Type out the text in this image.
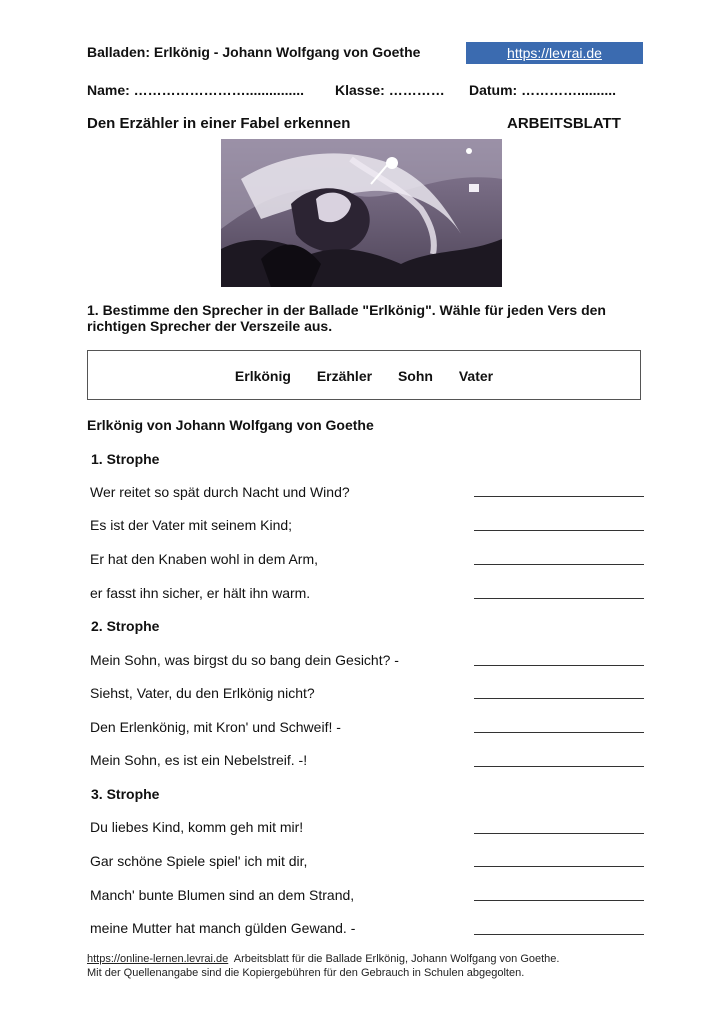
Balladen: Erlkönig - Johann Wolfgang von Goethe	https://levrai.de
Name: ……………………............... Klasse: ………… Datum: …………..........
Den Erzähler in einer Fabel erkennen	ARBEITSBLATT
1. Bestimme den Sprecher in der Ballade "Erlkönig". Wähle für jeden Vers den
richtigen Sprecher der Verszeile aus.
Erlkönig Erzähler Sohn Vater
Erlkönig von Johann Wolfgang von Goethe
1. Strophe
Wer reitet so spät durch Nacht und Wind?
Es ist der Vater mit seinem Kind;
Er hat den Knaben wohl in dem Arm,
er fasst ihn sicher, er hält ihn warm.
2. Strophe
Mein Sohn, was birgst du so bang dein Gesicht? -
Siehst, Vater, du den Erlkönig nicht?
Den Erlenkönig, mit Kron' und Schweif! -
Mein Sohn, es ist ein Nebelstreif. -!
3. Strophe
Du liebes Kind, komm geh mit mir!
Gar schöne Spiele spiel' ich mit dir,
Manch' bunte Blumen sind an dem Strand,
meine Mutter hat manch gülden Gewand. -
https://online-lernen.levrai.de  Arbeitsblatt für die Ballade Erlkönig, Johann Wolfgang von Goethe.
Mit der Quellenangabe sind die Kopiergebühren für den Gebrauch in Schulen abgegolten.
